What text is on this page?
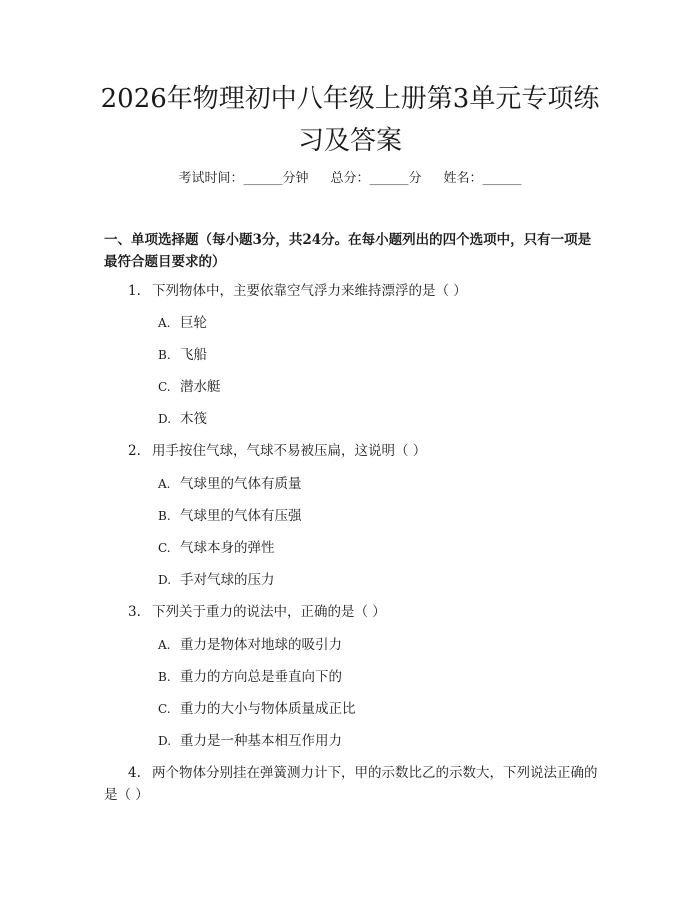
2026年物理初中八年级上册第3单元专项练习及答案
考试时间：______分钟 总分：______分 姓名：______
一、单项选择题（每小题3分，共24分。在每小题列出的四个选项中，只有一项是最符合题目要求的）
1. 下列物体中，主要依靠空气浮力来维持漂浮的是（ ）
A. 巨轮
B. 飞船
C. 潜水艇
D. 木筏
2. 用手按住气球，气球不易被压扁，这说明（ ）
A. 气球里的气体有质量
B. 气球里的气体有压强
C. 气球本身的弹性
D. 手对气球的压力
3. 下列关于重力的说法中，正确的是（ ）
A. 重力是物体对地球的吸引力
B. 重力的方向总是垂直向下的
C. 重力的大小与物体质量成正比
D. 重力是一种基本相互作用力
4. 两个物体分别挂在弹簧测力计下，甲的示数比乙的示数大，下列说法正确的是（ ）
